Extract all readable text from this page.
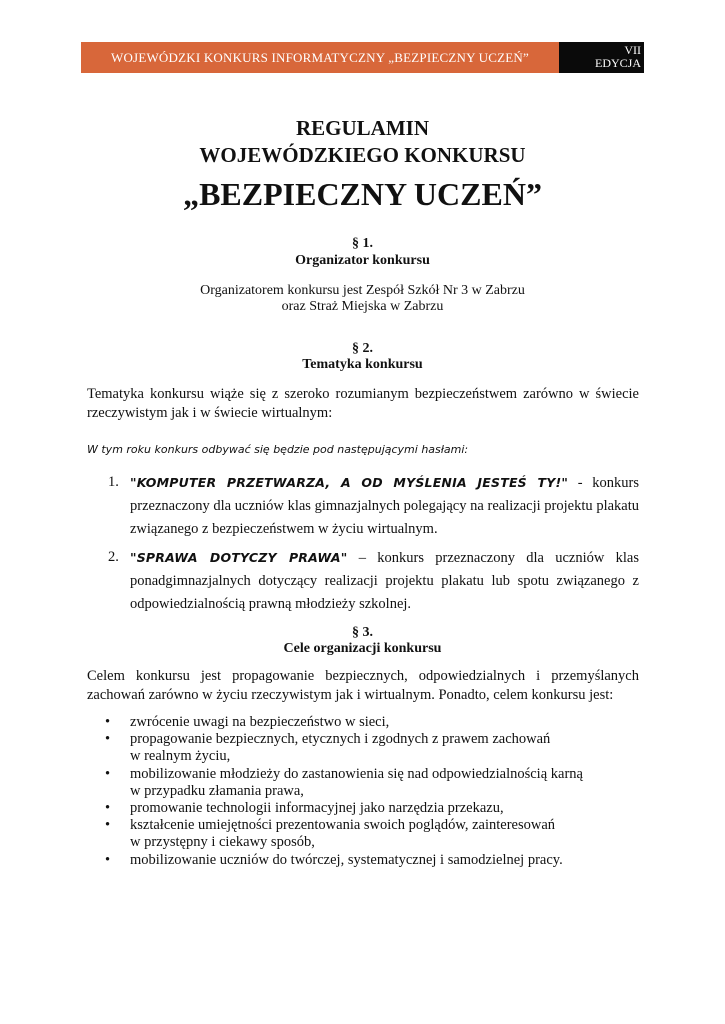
WOJEWÓDZKI KONKURS INFORMATYCZNY „BEZPIECZNY UCZEŃ”	VII
EDYCJA
REGULAMIN
WOJEWÓDZKIEGO KONKURSU
„BEZPIECZNY UCZEŃ”
§ 1.
Organizator konkursu
Organizatorem konkursu jest Zespół Szkół Nr 3 w Zabrzu
oraz Straż Miejska w Zabrzu
§ 2.
Tematyka konkursu
Tematyka konkursu wiąże się z szeroko rozumianym bezpieczeństwem zarówno w świecie rzeczywistym jak i w świecie wirtualnym:
W tym roku konkurs odbywać się będzie pod następującymi hasłami:
1. "KOMPUTER PRZETWARZA, A OD MYŚLENIA JESTEŚ TY!" - konkurs przeznaczony dla uczniów klas gimnazjalnych polegający na realizacji projektu plakatu związanego z bezpieczeństwem w życiu wirtualnym.
2. "SPRAWA DOTYCZY PRAWA" – konkurs przeznaczony dla uczniów klas ponadgimnazjalnych dotyczący realizacji projektu plakatu lub spotu związanego z odpowiedzialnością prawną młodzieży szkolnej.
§ 3.
Cele organizacji konkursu
Celem konkursu jest propagowanie bezpiecznych, odpowiedzialnych i przemyślanych zachowań zarówno w życiu rzeczywistym jak i wirtualnym. Ponadto, celem konkursu jest:
• zwrócenie uwagi na bezpieczeństwo w sieci,
• propagowanie bezpiecznych, etycznych i zgodnych z prawem zachowań
w realnym życiu,
• mobilizowanie młodzieży do zastanowienia się nad odpowiedzialnością karną
w przypadku złamania prawa,
• promowanie technologii informacyjnej jako narzędzia przekazu,
• kształcenie umiejętności prezentowania swoich poglądów, zainteresowań
w przystępny i ciekawy sposób,
• mobilizowanie uczniów do twórczej, systematycznej i samodzielnej pracy.
